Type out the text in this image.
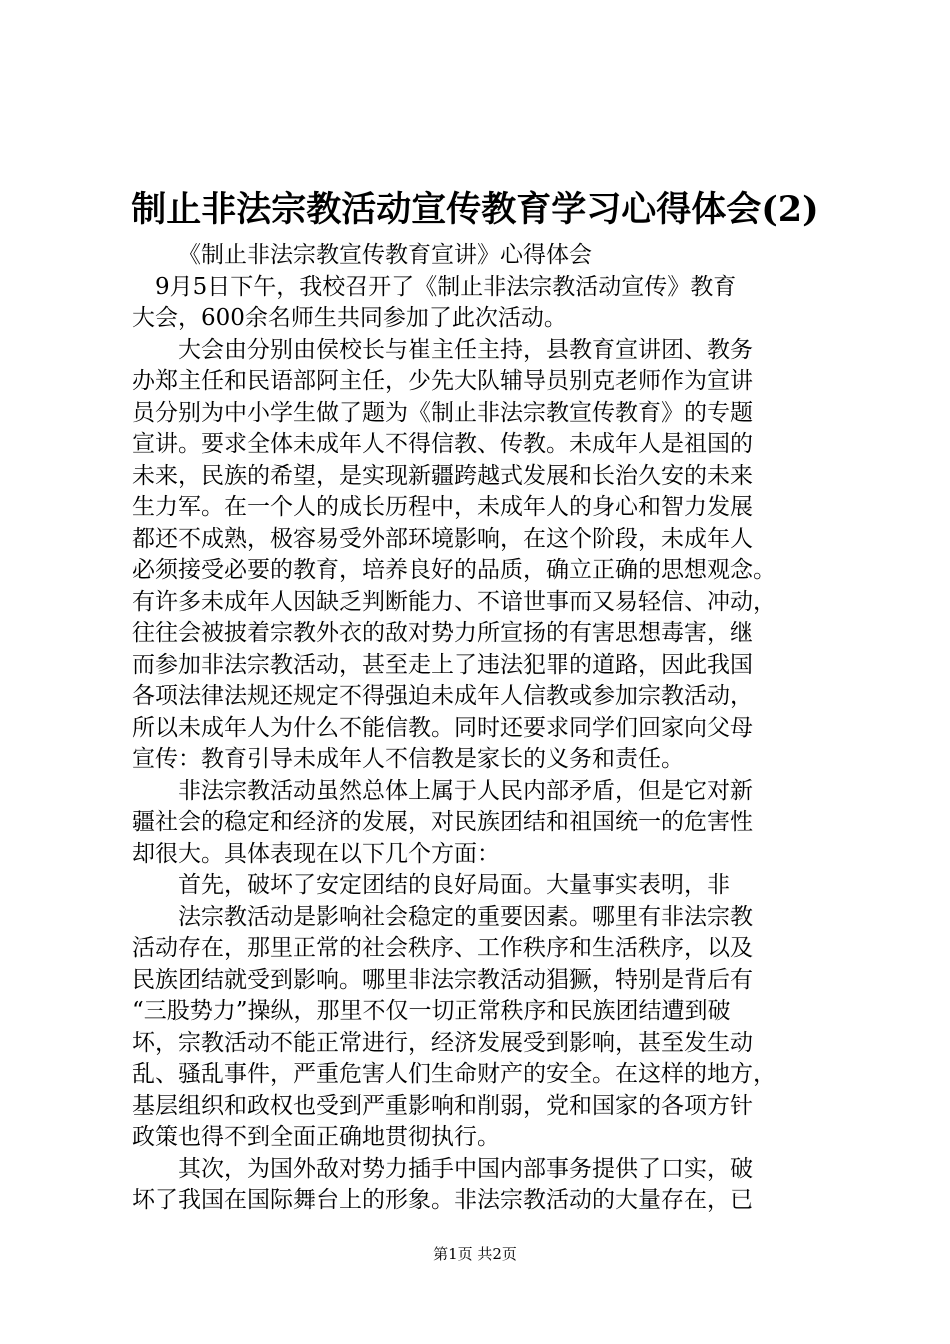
制止非法宗教活动宣传教育学习心得体会(2)
《制止非法宗教宣传教育宣讲》心得体会
9月5日下午，我校召开了《制止非法宗教活动宣传》教育
大会，600余名师生共同参加了此次活动。
大会由分别由侯校长与崔主任主持，县教育宣讲团、教务
办郑主任和民语部阿主任，少先大队辅导员别克老师作为宣讲
员分别为中小学生做了题为《制止非法宗教宣传教育》的专题
宣讲。要求全体未成年人不得信教、传教。未成年人是祖国的
未来，民族的希望，是实现新疆跨越式发展和长治久安的未来
生力军。在一个人的成长历程中，未成年人的身心和智力发展
都还不成熟，极容易受外部环境影响，在这个阶段，未成年人
必须接受必要的教育，培养良好的品质，确立正确的思想观念。
有许多未成年人因缺乏判断能力、不谙世事而又易轻信、冲动，
往往会被披着宗教外衣的敌对势力所宣扬的有害思想毒害，继
而参加非法宗教活动，甚至走上了违法犯罪的道路，因此我国
各项法律法规还规定不得强迫未成年人信教或参加宗教活动，
所以未成年人为什么不能信教。同时还要求同学们回家向父母
宣传：教育引导未成年人不信教是家长的义务和责任。
非法宗教活动虽然总体上属于人民内部矛盾，但是它对新
疆社会的稳定和经济的发展，对民族团结和祖国统一的危害性
却很大。具体表现在以下几个方面：
首先，破坏了安定团结的良好局面。大量事实表明，非
法宗教活动是影响社会稳定的重要因素。哪里有非法宗教
活动存在，那里正常的社会秩序、工作秩序和生活秩序，以及
民族团结就受到影响。哪里非法宗教活动猖獗，特别是背后有
“三股势力”操纵，那里不仅一切正常秩序和民族团结遭到破
坏，宗教活动不能正常进行，经济发展受到影响，甚至发生动
乱、骚乱事件，严重危害人们生命财产的安全。在这样的地方，
基层组织和政权也受到严重影响和削弱，党和国家的各项方针
政策也得不到全面正确地贯彻执行。
其次，为国外敌对势力插手中国内部事务提供了口实，破
坏了我国在国际舞台上的形象。非法宗教活动的大量存在，已
第1页 共2页
